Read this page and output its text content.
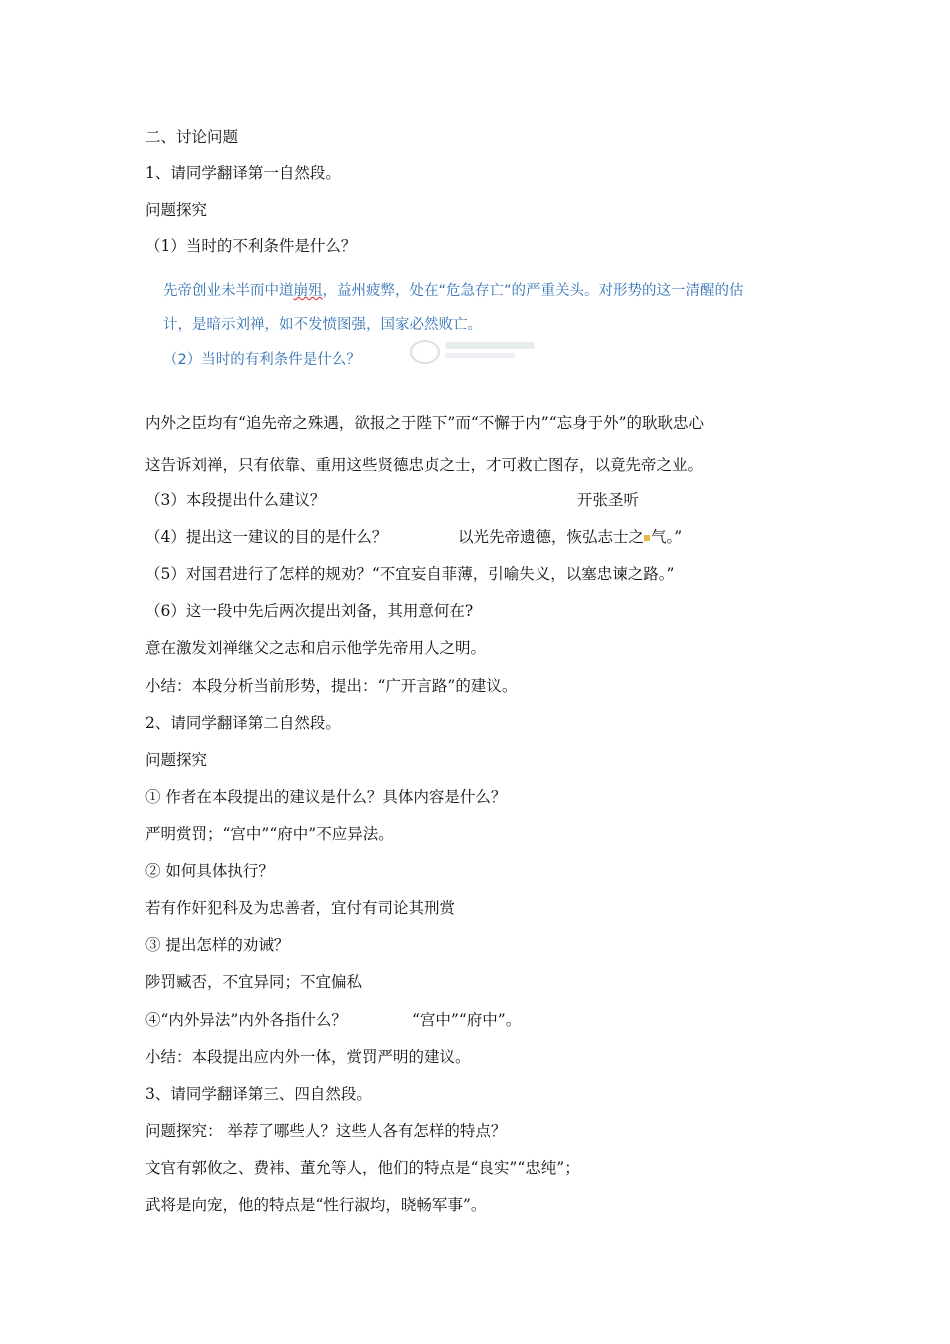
二、讨论问题
1、请同学翻译第一自然段。
问题探究
（1）当时的不利条件是什么？
先帝创业未半而中道崩殂，益州疲弊，处在“危急存亡”的严重关头。对形势的这一清醒的估
计，是暗示刘禅，如不发愤图强，国家必然败亡。
（2）当时的有利条件是什么？
内外之臣均有“追先帝之殊遇，欲报之于陛下”而“不懈于内”“忘身于外”的耿耿忠心
这告诉刘禅，只有依靠、重用这些贤德忠贞之士，才可救亡图存，以竟先帝之业。
（3）本段提出什么建议？	开张圣听
（4）提出这一建议的目的是什么？	以光先帝遗德，恢弘志士之 气。”
（5）对国君进行了怎样的规劝？“不宜妄自菲薄，引喻失义，以塞忠谏之路。”
（6）这一段中先后两次提出刘备，其用意何在?
意在激发刘禅继父之志和启示他学先帝用人之明。
小结：本段分析当前形势，提出：“广开言路”的建议。
2、请同学翻译第二自然段。
问题探究
① 作者在本段提出的建议是什么？具体内容是什么？
严明赏罚；“宫中”“府中”不应异法。
② 如何具体执行？
若有作奸犯科及为忠善者，宜付有司论其刑赏
③ 提出怎样的劝诫？
陟罚臧否，不宜异同；不宜偏私
④“内外异法”内外各指什么？	“宫中”“府中”。
小结：本段提出应内外一体，赏罚严明的建议。
3、请同学翻译第三、四自然段。
问题探究： 举荐了哪些人？这些人各有怎样的特点？
文官有郭攸之、费袆、董允等人，他们的特点是“良实”“忠纯”；
武将是向宠，他的特点是“性行淑均，晓畅军事”。
